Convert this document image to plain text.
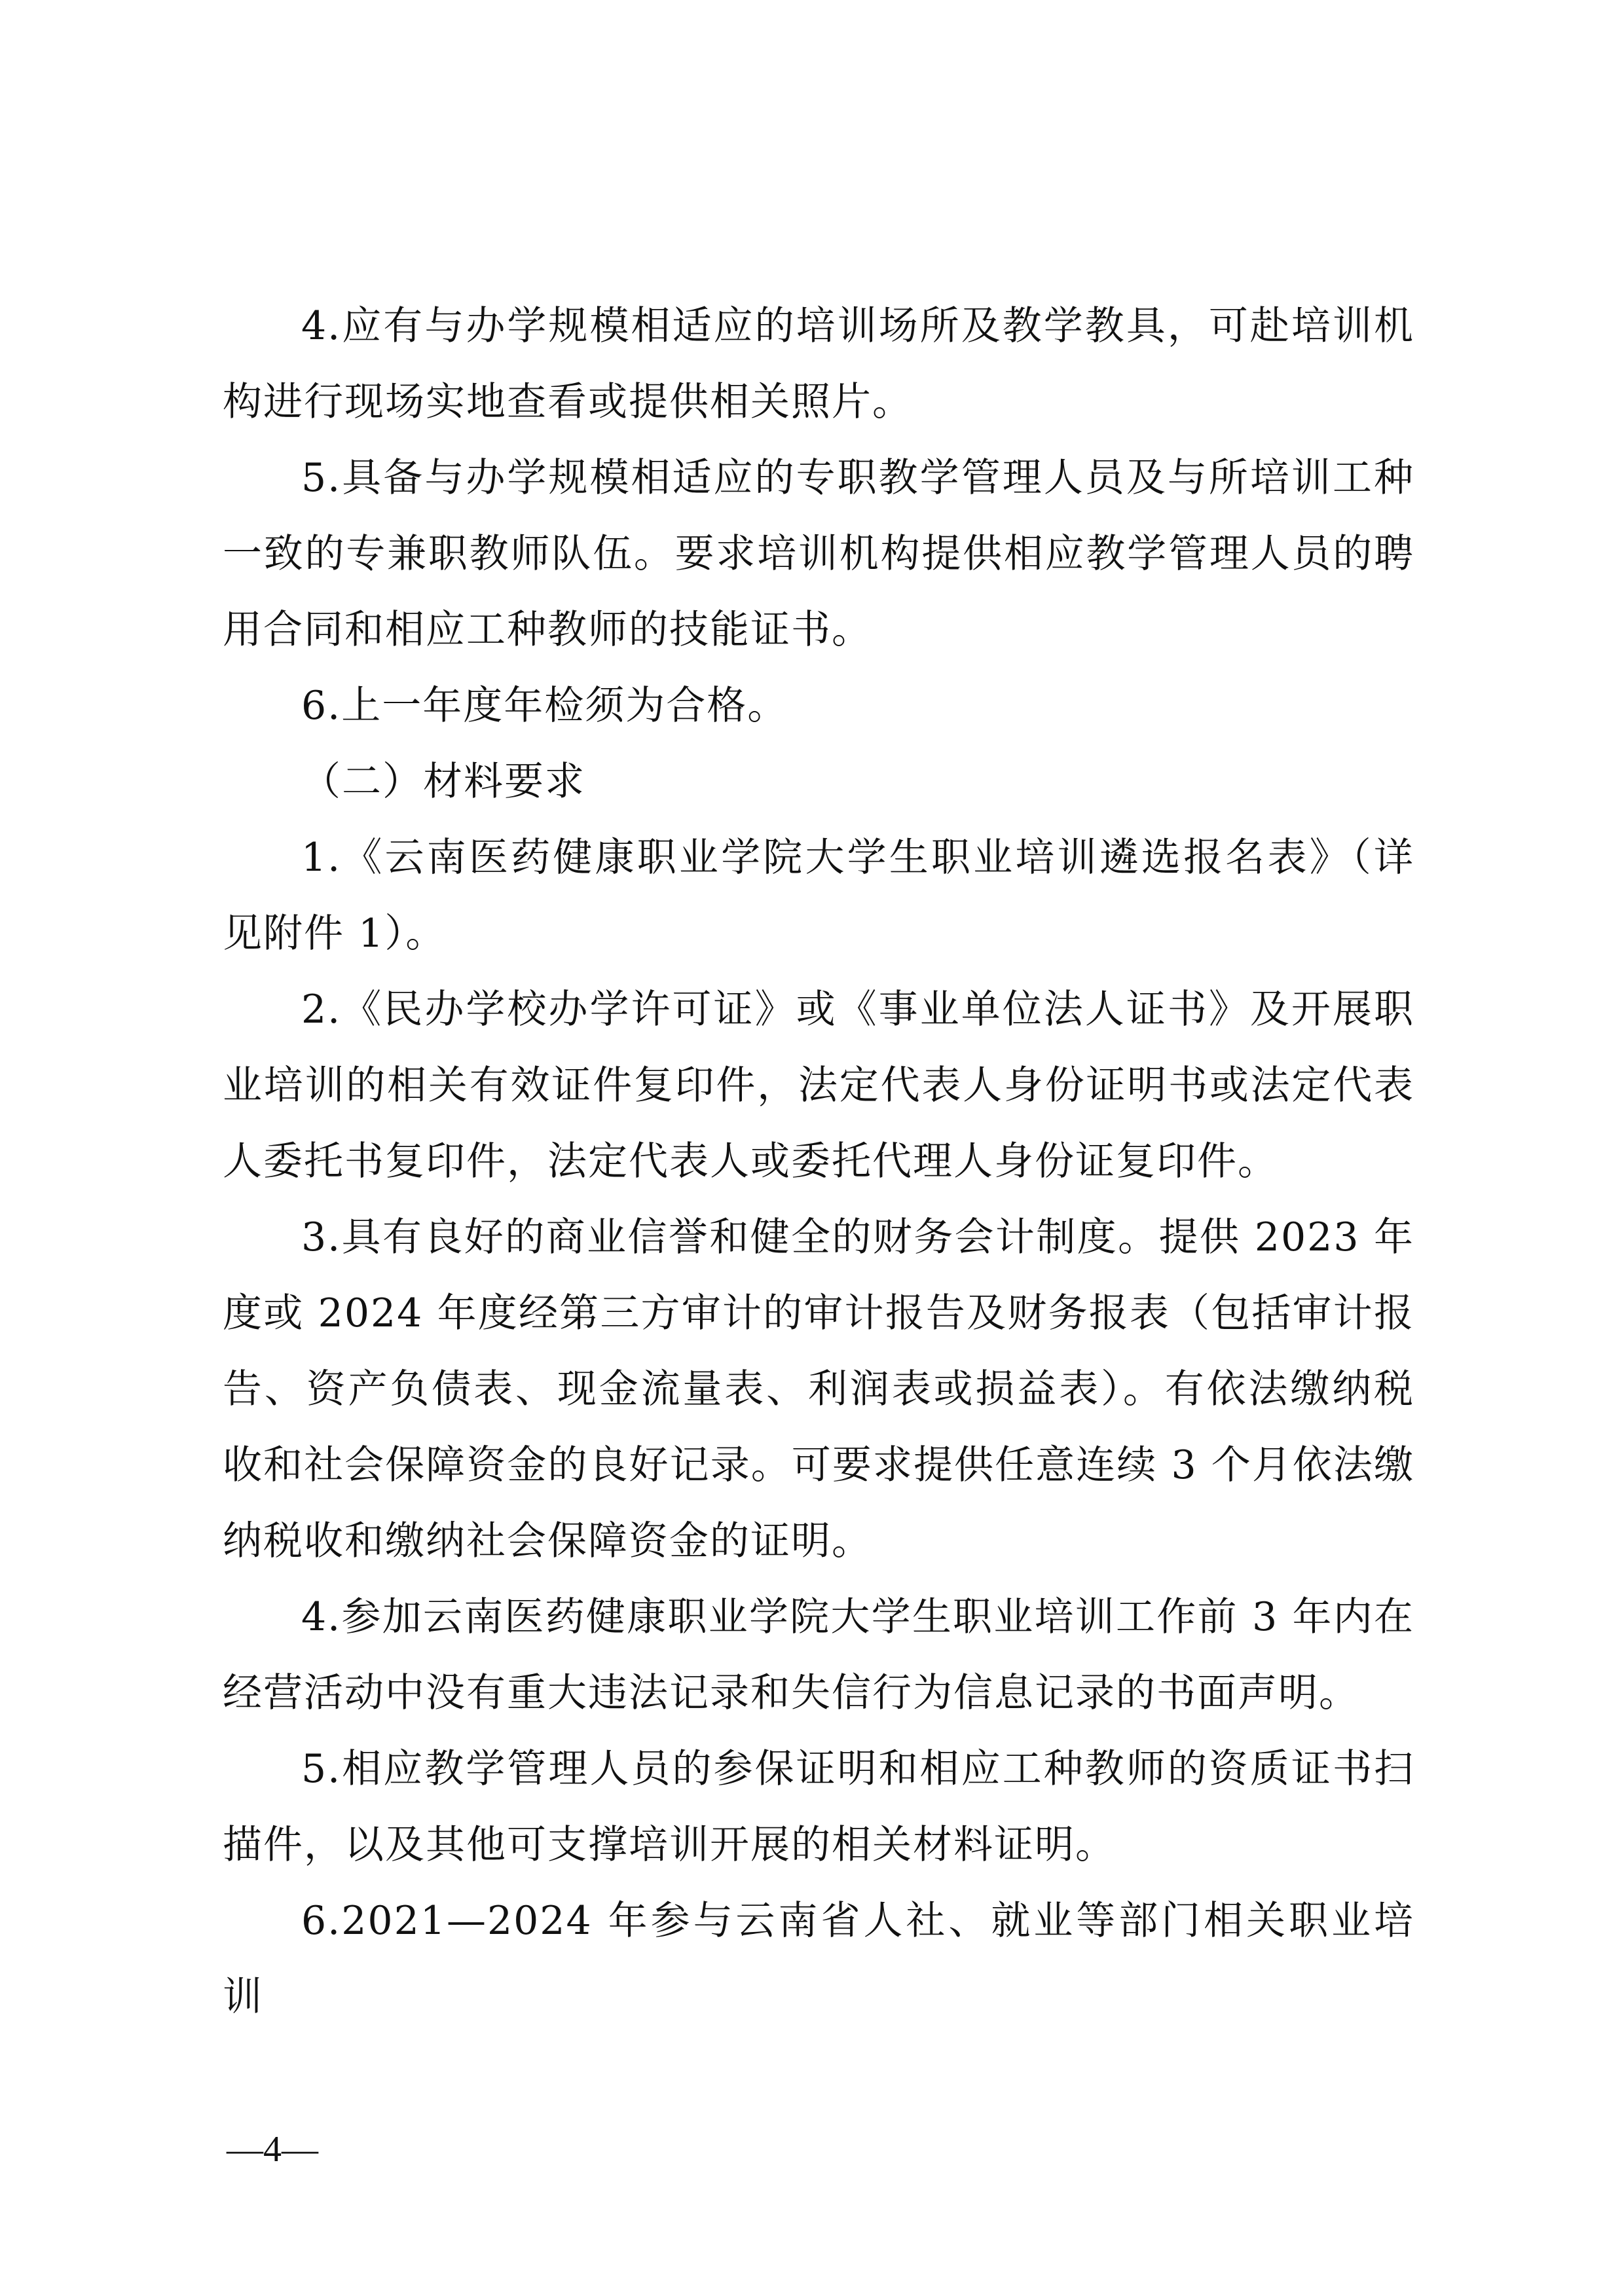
4.应有与办学规模相适应的培训场所及教学教具，可赴培训机构进行现场实地查看或提供相关照片。

5.具备与办学规模相适应的专职教学管理人员及与所培训工种一致的专兼职教师队伍。要求培训机构提供相应教学管理人员的聘用合同和相应工种教师的技能证书。

6.上一年度年检须为合格。

（二）材料要求

1.《云南医药健康职业学院大学生职业培训遴选报名表》（详见附件 1）。

2.《民办学校办学许可证》或《事业单位法人证书》及开展职业培训的相关有效证件复印件，法定代表人身份证明书或法定代表人委托书复印件，法定代表人或委托代理人身份证复印件。

3.具有良好的商业信誉和健全的财务会计制度。提供 2023 年度或 2024 年度经第三方审计的审计报告及财务报表（包括审计报告、资产负债表、现金流量表、利润表或损益表）。有依法缴纳税收和社会保障资金的良好记录。可要求提供任意连续 3 个月依法缴纳税收和缴纳社会保障资金的证明。

4.参加云南医药健康职业学院大学生职业培训工作前 3 年内在经营活动中没有重大违法记录和失信行为信息记录的书面声明。

5.相应教学管理人员的参保证明和相应工种教师的资质证书扫描件，以及其他可支撑培训开展的相关材料证明。

6.2021—2024 年参与云南省人社、就业等部门相关职业培训

—4—
